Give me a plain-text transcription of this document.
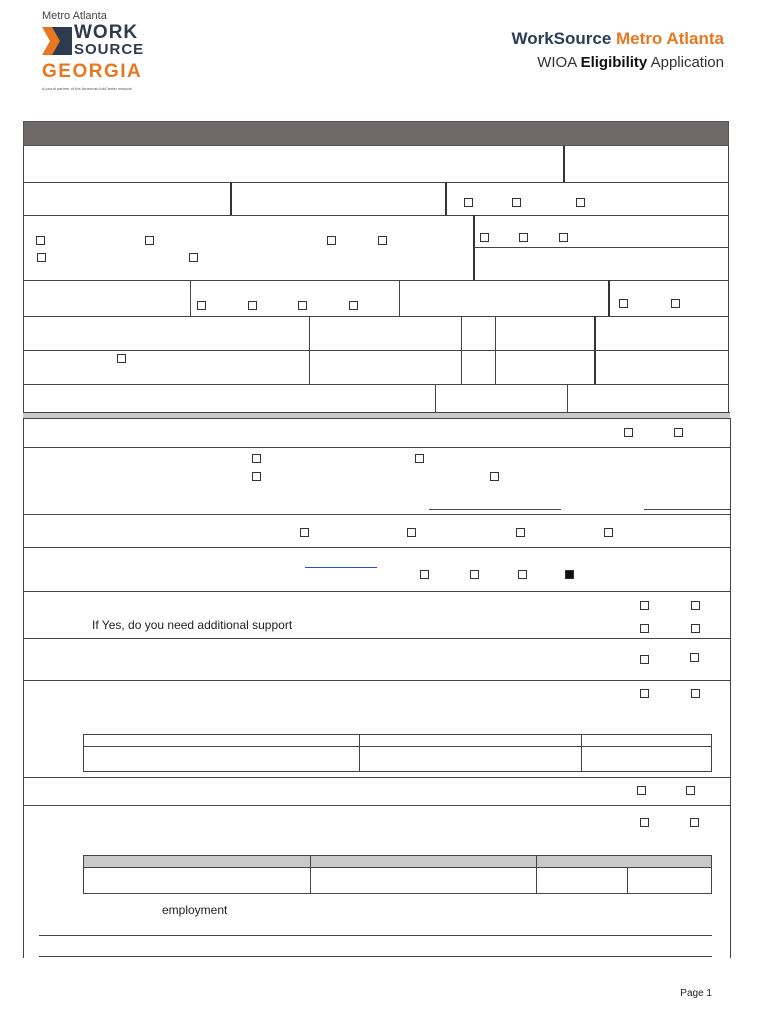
Metro Atlanta
WORK
SOURCE
GEORGIA
A proud partner of the AmericanJobCenter network
WorkSource Metro Atlanta
WIOA Eligibility Application
If Yes, do you need additional support
employment
Page 1
